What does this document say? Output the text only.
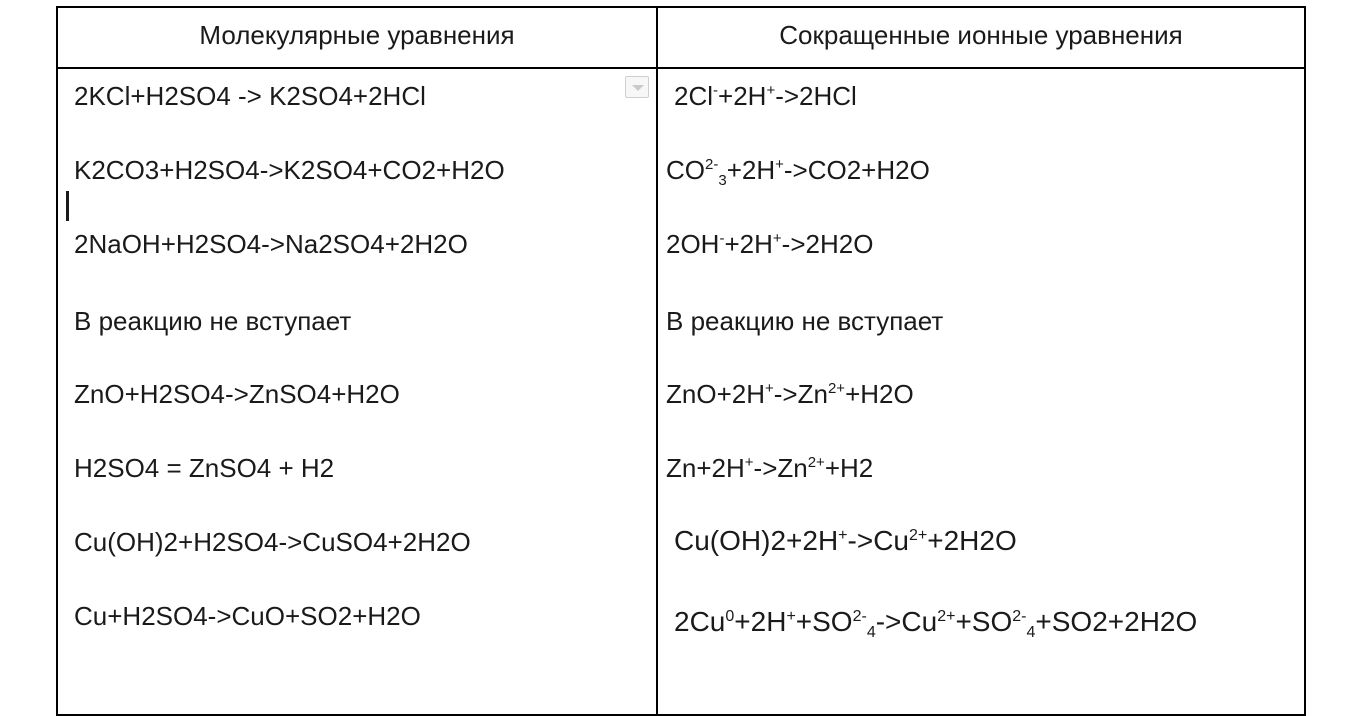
Молекулярные уравнения	Сокращенные ионные уравнения
2KCl+H2SO4 -> K2SO4+2HCl	2Cl-+2H+->2HCl
K2CO3+H2SO4->K2SO4+CO2+H2O	$CO^{2-}_3+2H^+->CO2+H2O$
2NaOH+H2SO4->Na2SO4+2H2O	2OH-+2H+->2H2O
В реакцию не вступает	В реакцию не вступает
ZnO+H2SO4->ZnSO4+H2O	$ZnO+2H^+->Zn^{2+}+H2O$
H2SO4 = ZnSO4 + H2	$Zn+2H^+->Zn^{2+}+H2$
Cu(OH)2+H2SO4->CuSO4+2H2O	$Cu(OH)2+2H^+->Cu^{2+}+2H2O$
Cu+H2SO4->CuO+SO2+H2O	$2Cu^0+2H^++SO^{2-}_4->Cu^{2+}+SO^{2-}_4+SO2+2H2O$
